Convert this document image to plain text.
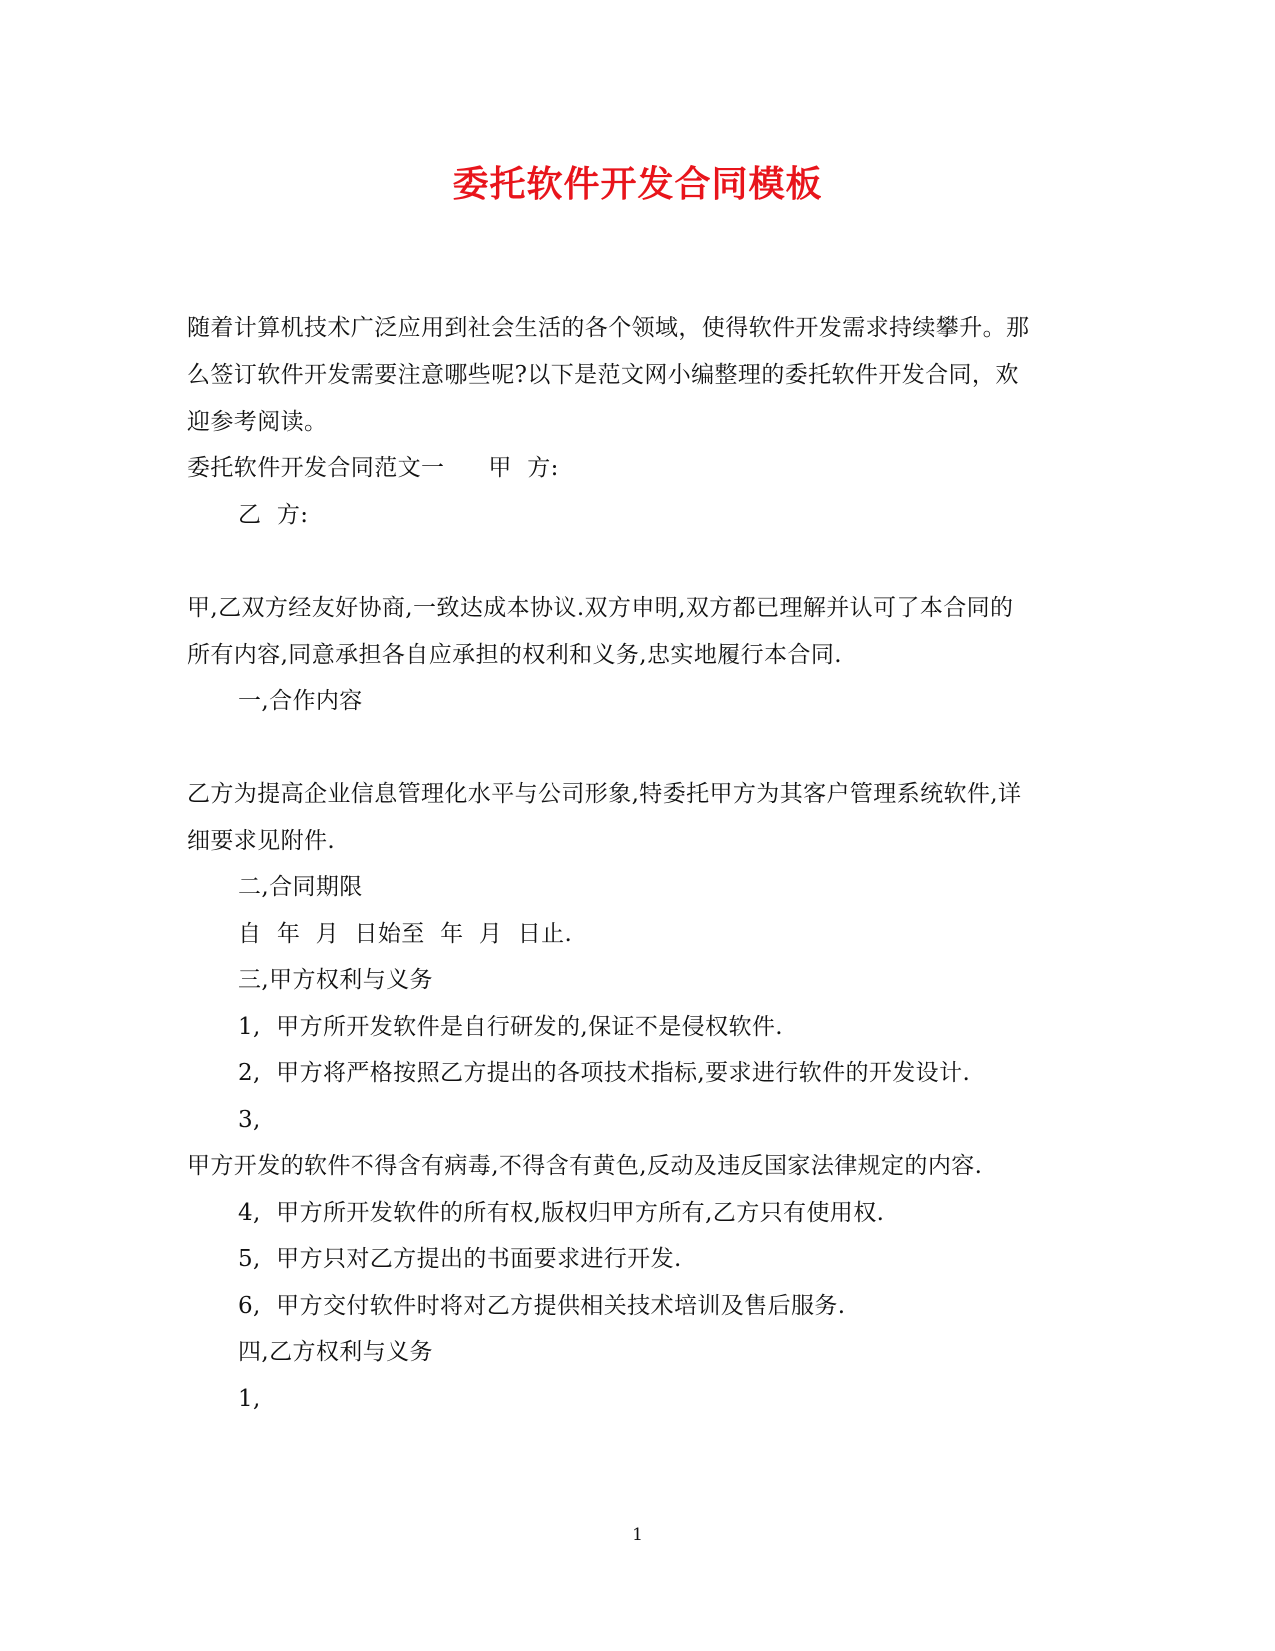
委托软件开发合同模板
随着计算机技术广泛应用到社会生活的各个领域，使得软件开发需求持续攀升。那
么签订软件开发需要注意哪些呢?以下是范文网小编整理的委托软件开发合同，欢
迎参考阅读。
委托软件开发合同范文一 甲  方:
乙  方:
甲,乙双方经友好协商,一致达成本协议.双方申明,双方都已理解并认可了本合同的
所有内容,同意承担各自应承担的权利和义务,忠实地履行本合同.
一,合作内容
乙方为提高企业信息管理化水平与公司形象,特委托甲方为其客户管理系统软件,详
细要求见附件.
二,合同期限
自  年  月  日始至  年  月  日止.
三,甲方权利与义务
1,  甲方所开发软件是自行研发的,保证不是侵权软件.
2,  甲方将严格按照乙方提出的各项技术指标,要求进行软件的开发设计.
3,
甲方开发的软件不得含有病毒,不得含有黄色,反动及违反国家法律规定的内容.
4,  甲方所开发软件的所有权,版权归甲方所有,乙方只有使用权.
5,  甲方只对乙方提出的书面要求进行开发.
6,  甲方交付软件时将对乙方提供相关技术培训及售后服务.
四,乙方权利与义务
1,
1
